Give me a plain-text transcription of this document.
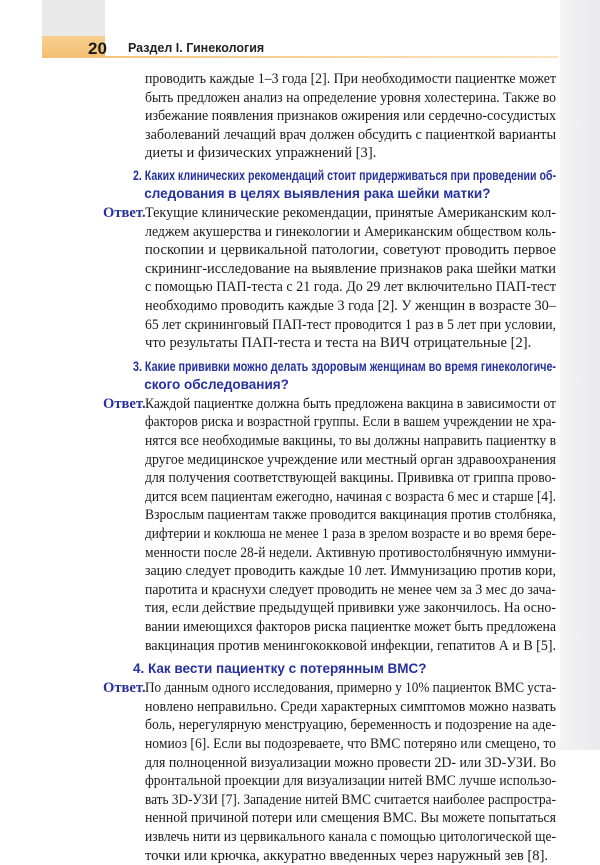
20 Раздел I. Гинекология
проводить каждые 1–3 года [2]. При необходимости пациентке может
быть предложен анализ на определение уровня холестерина. Также во
избежание появления признаков ожирения или сердечно-сосудистых
заболеваний лечащий врач должен обсудить с пациенткой варианты
диеты и физических упражнений [3].
2. Каких клинических рекомендаций стоит придерживаться при проведении об-
следования в целях выявления рака шейки матки?
Ответ. Текущие клинические рекомендации, принятые Американским кол-
леджем акушерства и гинекологии и Американским обществом коль-
поскопии и цервикальной патологии, советуют проводить первое
скрининг-исследование на выявление признаков рака шейки матки
с помощью ПАП-теста с 21 года. До 29 лет включительно ПАП-тест
необходимо проводить каждые 3 года [2]. У женщин в возрасте 30–
65 лет скрининговый ПАП-тест проводится 1 раз в 5 лет при условии,
что результаты ПАП-теста и теста на ВИЧ отрицательные [2].
3. Какие прививки можно делать здоровым женщинам во время гинекологиче-
ского обследования?
Ответ. Каждой пациентке должна быть предложена вакцина в зависимости от
факторов риска и возрастной группы. Если в вашем учреждении не хра-
нятся все необходимые вакцины, то вы должны направить пациентку в
другое медицинское учреждение или местный орган здравоохранения
для получения соответствующей вакцины. Прививка от гриппа прово-
дится всем пациентам ежегодно, начиная с возраста 6 мес и старше [4].
Взрослым пациентам также проводится вакцинация против столбняка,
дифтерии и коклюша не менее 1 раза в зрелом возрасте и во время бере-
менности после 28-й недели. Активную противостолбнячную иммуни-
зацию следует проводить каждые 10 лет. Иммунизацию против кори,
паротита и краснухи следует проводить не менее чем за 3 мес до зача-
тия, если действие предыдущей прививки уже закончилось. На осно-
вании имеющихся факторов риска пациентке может быть предложена
вакцинация против менингококковой инфекции, гепатитов А и В [5].
4. Как вести пациентку с потерянным ВМС?
Ответ. По данным одного исследования, примерно у 10% пациенток ВМС уста-
новлено неправильно. Среди характерных симптомов можно назвать
боль, нерегулярную менструацию, беременность и подозрение на аде-
номиоз [6]. Если вы подозреваете, что ВМС потеряно или смещено, то
для полноценной визуализации можно провести 2D- или 3D-УЗИ. Во
фронтальной проекции для визуализации нитей ВМС лучше использо-
вать 3D-УЗИ [7]. Западение нитей ВМС считается наиболее распростра-
ненной причиной потери или смещения ВМС. Вы можете попытаться
извлечь нити из цервикального канала с помощью цитологической ще-
точки или крючка, аккуратно введенных через наружный зев [8].
